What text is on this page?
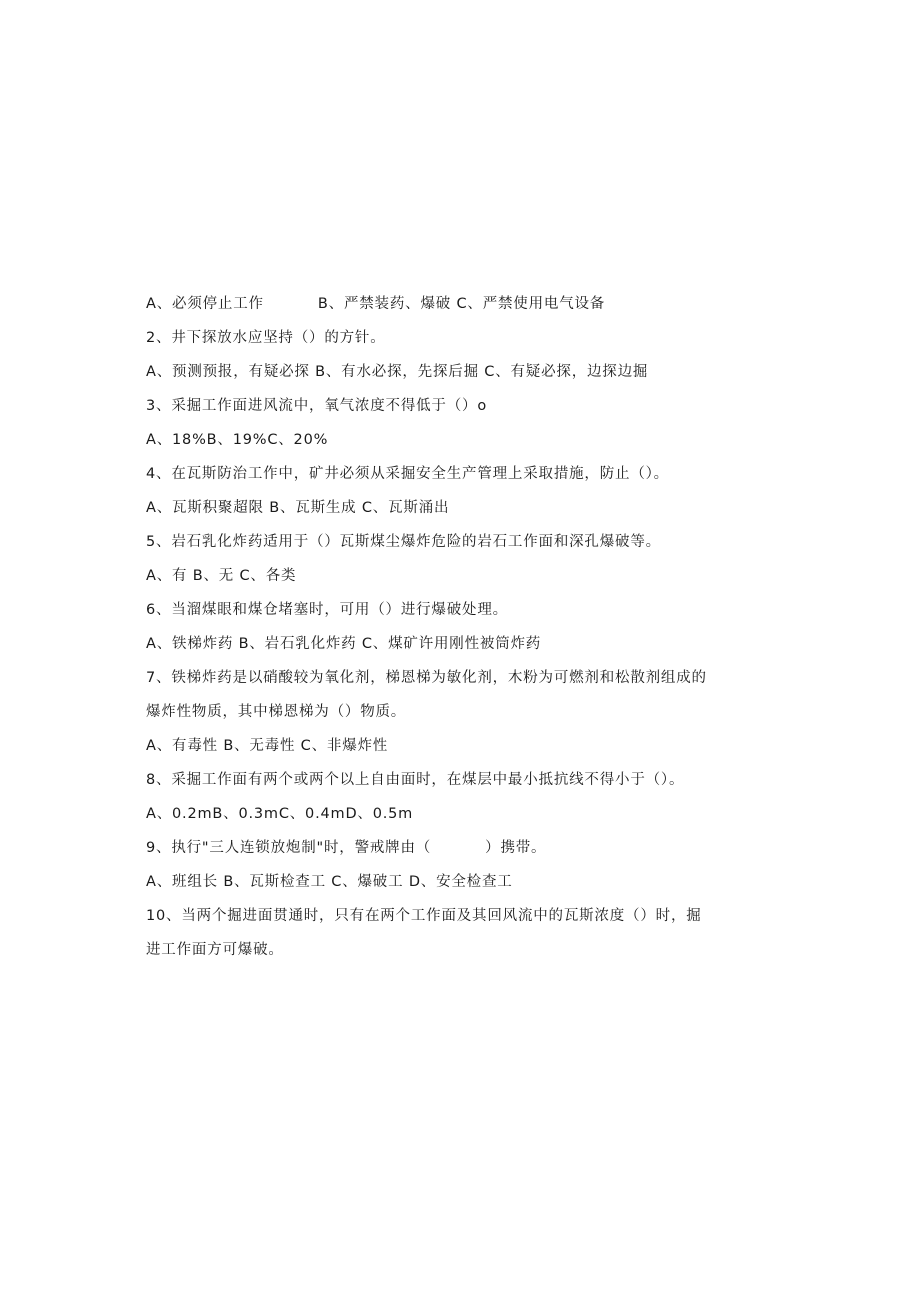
A、必须停止工作          B、严禁装药、爆破 C、严禁使用电气设备
2、井下探放水应坚持（）的方针。
A、预测预报，有疑必探 B、有水必探，先探后掘 C、有疑必探，边探边掘
3、采掘工作面进风流中，氧气浓度不得低于（）o
A、18%B、19%C、20%
4、在瓦斯防治工作中，矿井必须从采掘安全生产管理上采取措施，防止（）。
A、瓦斯积聚超限 B、瓦斯生成 C、瓦斯涌出
5、岩石乳化炸药适用于（）瓦斯煤尘爆炸危险的岩石工作面和深孔爆破等。
A、有 B、无 C、各类
6、当溜煤眼和煤仓堵塞时，可用（）进行爆破处理。
A、铁梯炸药 B、岩石乳化炸药 C、煤矿许用刚性被筒炸药
7、铁梯炸药是以硝酸较为氧化剂，梯恩梯为敏化剂，木粉为可燃剂和松散剂组成的
爆炸性物质，其中梯恩梯为（）物质。
A、有毒性 B、无毒性 C、非爆炸性
8、采掘工作面有两个或两个以上自由面时，在煤层中最小抵抗线不得小于（）。
A、0.2mB、0.3mC、0.4mD、0.5m
9、执行"三人连锁放炮制"时，警戒牌由（          ）携带。
A、班组长 B、瓦斯检查工 C、爆破工 D、安全检查工
10、当两个掘进面贯通时，只有在两个工作面及其回风流中的瓦斯浓度（）时，掘
进工作面方可爆破。
